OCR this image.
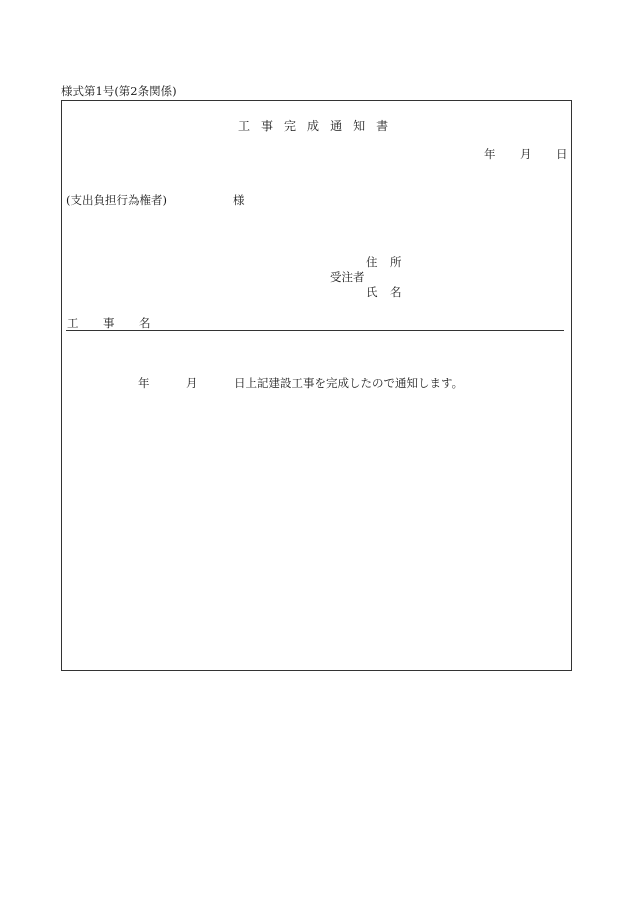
様式第1号(第2条関係)
工 事 完 成 通 知 書
年 月 日
(支出負担行為権者)	様
住 所
受注者
氏 名
工 事 名
年	月	日上記建設工事を完成したので通知します。
